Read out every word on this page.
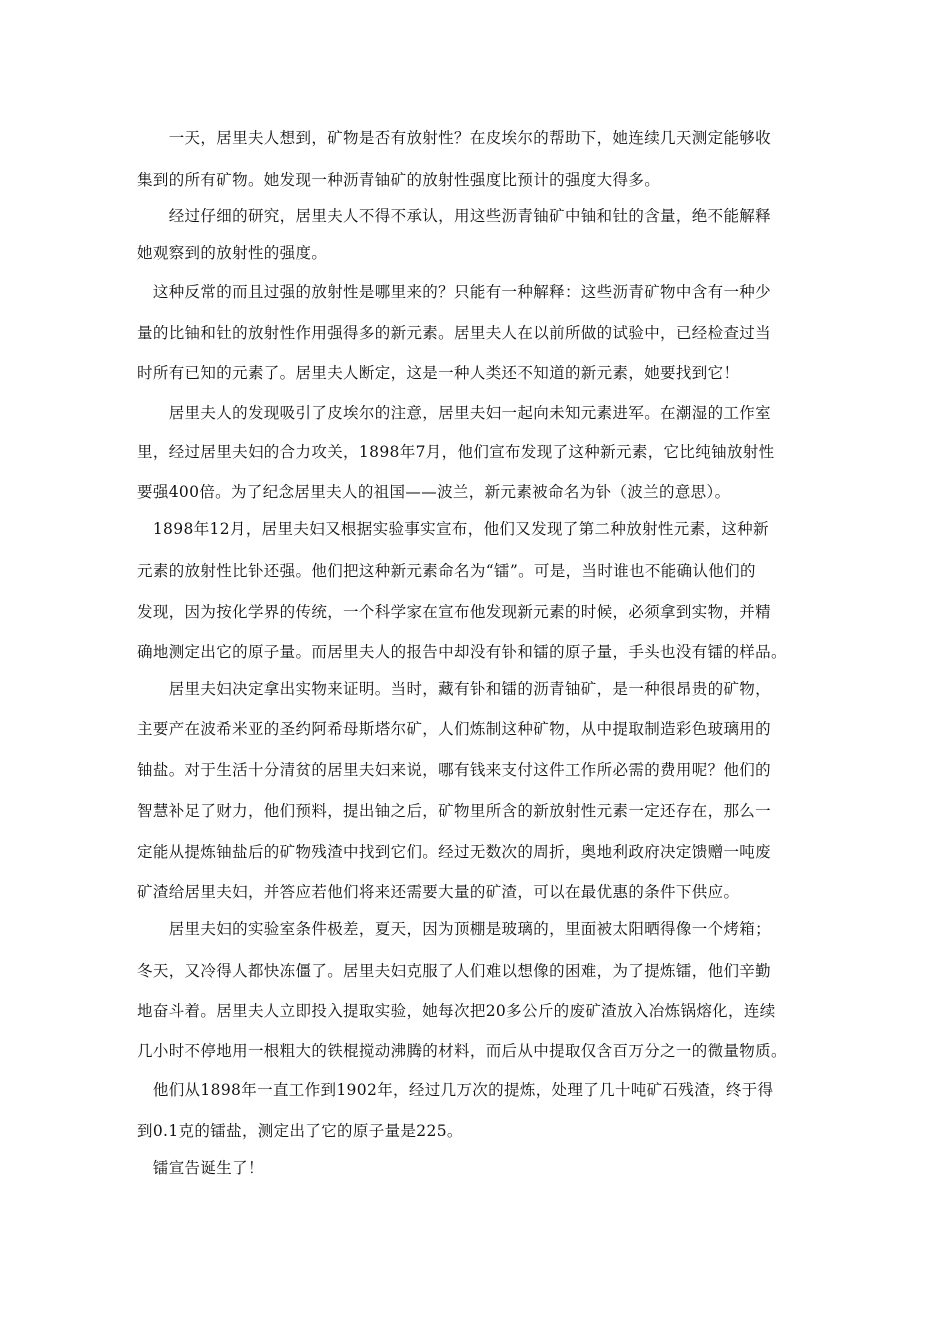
　　一天，居里夫人想到，矿物是否有放射性？在皮埃尔的帮助下，她连续几天测定能够收
集到的所有矿物。她发现一种沥青铀矿的放射性强度比预计的强度大得多。
　　经过仔细的研究，居里夫人不得不承认，用这些沥青铀矿中铀和钍的含量，绝不能解释
她观察到的放射性的强度。
　这种反常的而且过强的放射性是哪里来的？只能有一种解释：这些沥青矿物中含有一种少
量的比铀和钍的放射性作用强得多的新元素。居里夫人在以前所做的试验中，已经检查过当
时所有已知的元素了。居里夫人断定，这是一种人类还不知道的新元素，她要找到它！
　　居里夫人的发现吸引了皮埃尔的注意，居里夫妇一起向未知元素进军。在潮湿的工作室
里，经过居里夫妇的合力攻关，1898年7月，他们宣布发现了这种新元素，它比纯铀放射性
要强400倍。为了纪念居里夫人的祖国——波兰，新元素被命名为钋（波兰的意思）。
　1898年12月，居里夫妇又根据实验事实宣布，他们又发现了第二种放射性元素，这种新
元素的放射性比钋还强。他们把这种新元素命名为“镭”。可是，当时谁也不能确认他们的
发现，因为按化学界的传统，一个科学家在宣布他发现新元素的时候，必须拿到实物，并精
确地测定出它的原子量。而居里夫人的报告中却没有钋和镭的原子量，手头也没有镭的样品。
　　居里夫妇决定拿出实物来证明。当时，藏有钋和镭的沥青铀矿，是一种很昂贵的矿物，
主要产在波希米亚的圣约阿希母斯塔尔矿，人们炼制这种矿物，从中提取制造彩色玻璃用的
铀盐。对于生活十分清贫的居里夫妇来说，哪有钱来支付这件工作所必需的费用呢？他们的
智慧补足了财力，他们预料，提出铀之后，矿物里所含的新放射性元素一定还存在，那么一
定能从提炼铀盐后的矿物残渣中找到它们。经过无数次的周折，奥地利政府决定馈赠一吨废
矿渣给居里夫妇，并答应若他们将来还需要大量的矿渣，可以在最优惠的条件下供应。
　　居里夫妇的实验室条件极差，夏天，因为顶棚是玻璃的，里面被太阳晒得像一个烤箱；
冬天，又冷得人都快冻僵了。居里夫妇克服了人们难以想像的困难，为了提炼镭，他们辛勤
地奋斗着。居里夫人立即投入提取实验，她每次把20多公斤的废矿渣放入冶炼锅熔化，连续
几小时不停地用一根粗大的铁棍搅动沸腾的材料，而后从中提取仅含百万分之一的微量物质。
　他们从1898年一直工作到1902年，经过几万次的提炼，处理了几十吨矿石残渣，终于得
到0.1克的镭盐，测定出了它的原子量是225。
　镭宣告诞生了！
